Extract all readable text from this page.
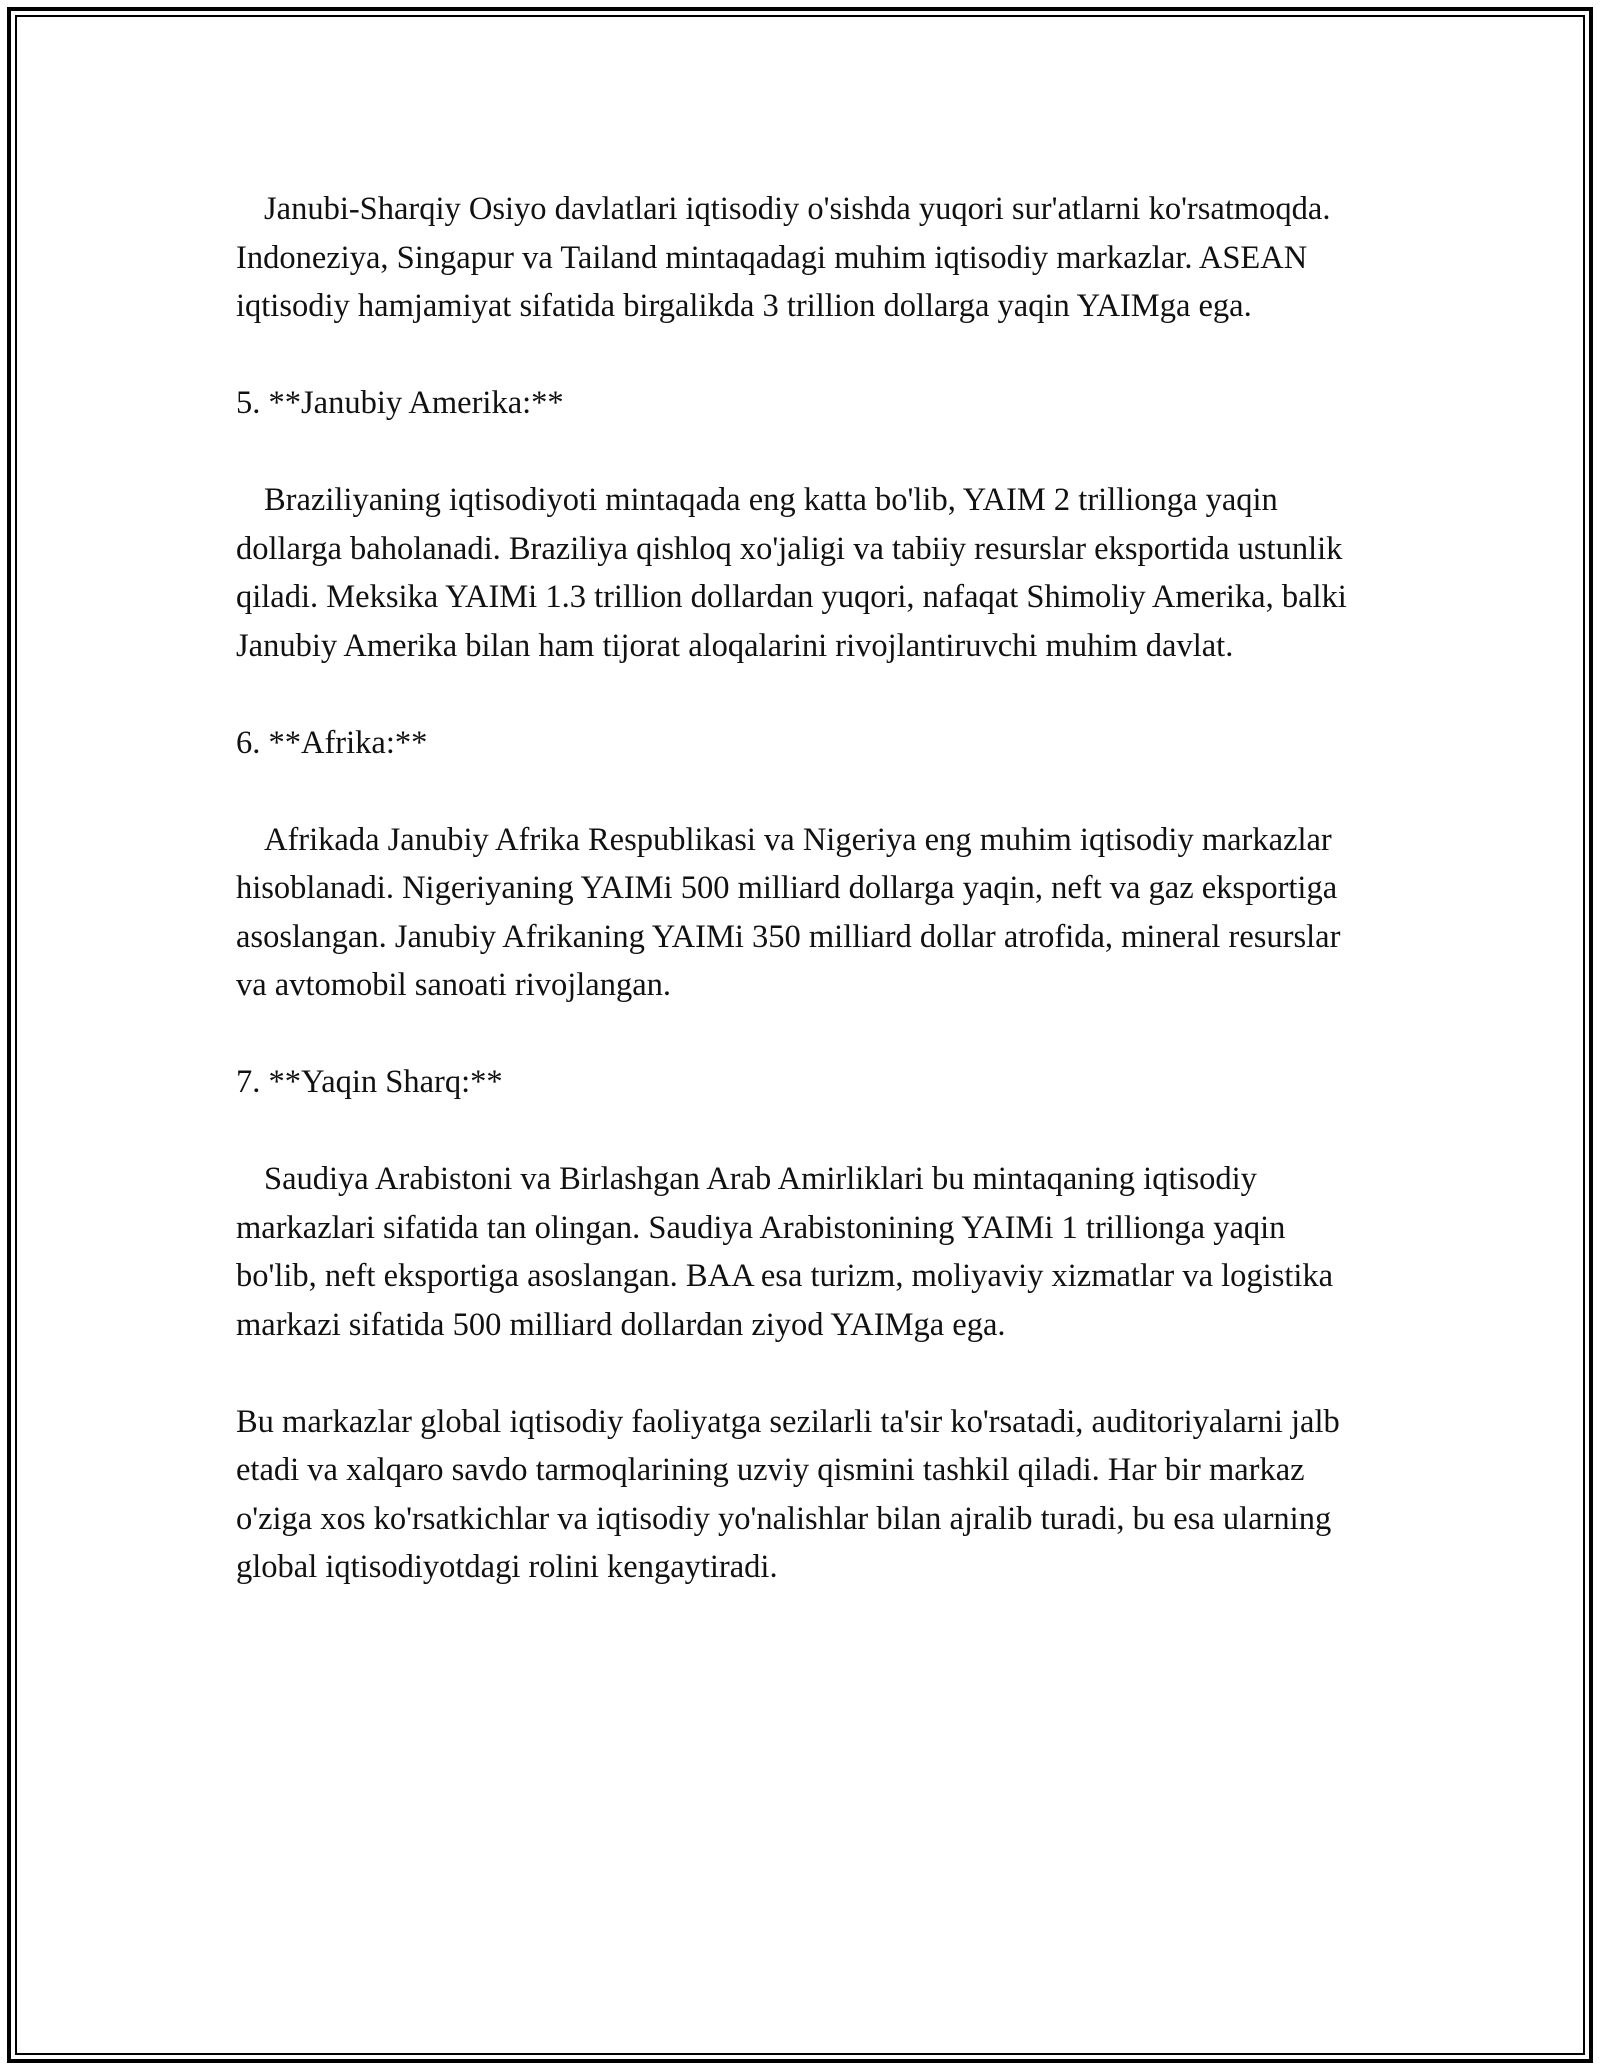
Janubi-Sharqiy Osiyo davlatlari iqtisodiy o'sishda yuqori sur'atlarni ko'rsatmoqda. Indoneziya, Singapur va Tailand mintaqadagi muhim iqtisodiy markazlar. ASEAN iqtisodiy hamjamiyat sifatida birgalikda 3 trillion dollarga yaqin YAIMga ega.

5. **Janubiy Amerika:**

Braziliyaning iqtisodiyoti mintaqada eng katta bo'lib, YAIM 2 trillionga yaqin dollarga baholanadi. Braziliya qishloq xo'jaligi va tabiiy resurslar eksportida ustunlik qiladi. Meksika YAIMi 1.3 trillion dollardan yuqori, nafaqat Shimoliy Amerika, balki Janubiy Amerika bilan ham tijorat aloqalarini rivojlantiruvchi muhim davlat.

6. **Afrika:**

Afrikada Janubiy Afrika Respublikasi va Nigeriya eng muhim iqtisodiy markazlar hisoblanadi. Nigeriyaning YAIMi 500 milliard dollarga yaqin, neft va gaz eksportiga asoslangan. Janubiy Afrikaning YAIMi 350 milliard dollar atrofida, mineral resurslar va avtomobil sanoati rivojlangan.

7. **Yaqin Sharq:**

Saudiya Arabistoni va Birlashgan Arab Amirliklari bu mintaqaning iqtisodiy markazlari sifatida tan olingan. Saudiya Arabistonining YAIMi 1 trillionga yaqin bo'lib, neft eksportiga asoslangan. BAA esa turizm, moliyaviy xizmatlar va logistika markazi sifatida 500 milliard dollardan ziyod YAIMga ega.

Bu markazlar global iqtisodiy faoliyatga sezilarli ta'sir ko'rsatadi, auditoriyalarni jalb etadi va xalqaro savdo tarmoqlarining uzviy qismini tashkil qiladi. Har bir markaz o'ziga xos ko'rsatkichlar va iqtisodiy yo'nalishlar bilan ajralib turadi, bu esa ularning global iqtisodiyotdagi rolini kengaytiradi.
